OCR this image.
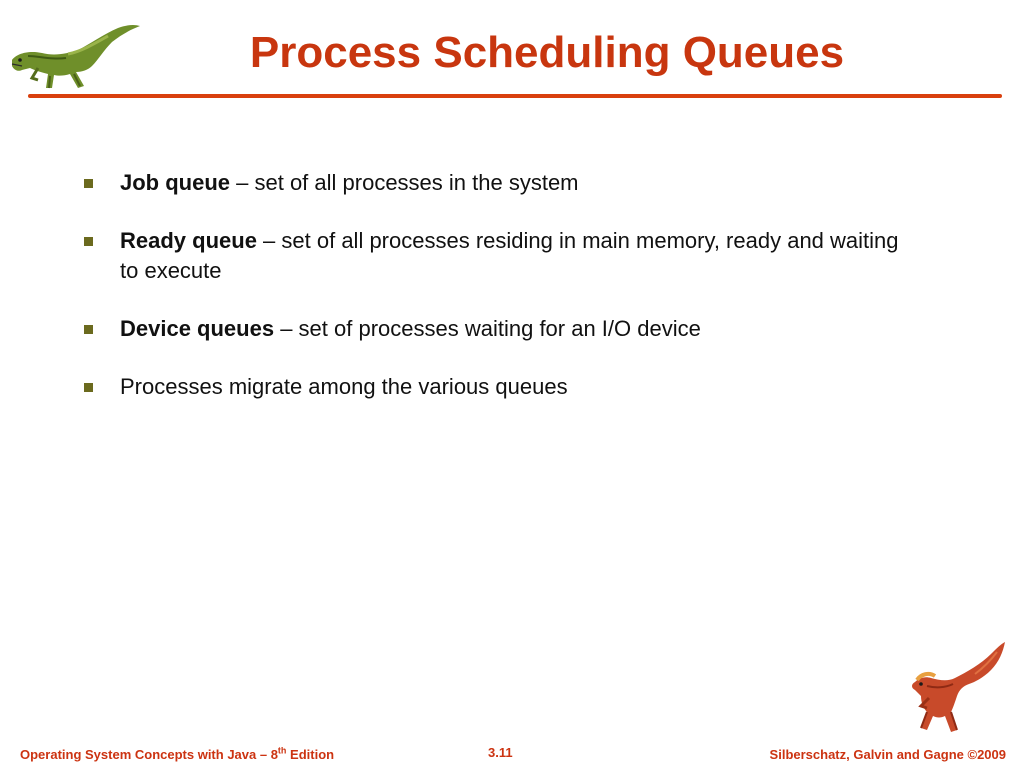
Process Scheduling Queues
Job queue – set of all processes in the system
Ready queue – set of all processes residing in main memory, ready and waiting to execute
Device queues – set of processes waiting for an I/O device
Processes migrate among the various queues
Operating System Concepts with Java – 8th Edition	3.11	Silberschatz, Galvin and Gagne ©2009
